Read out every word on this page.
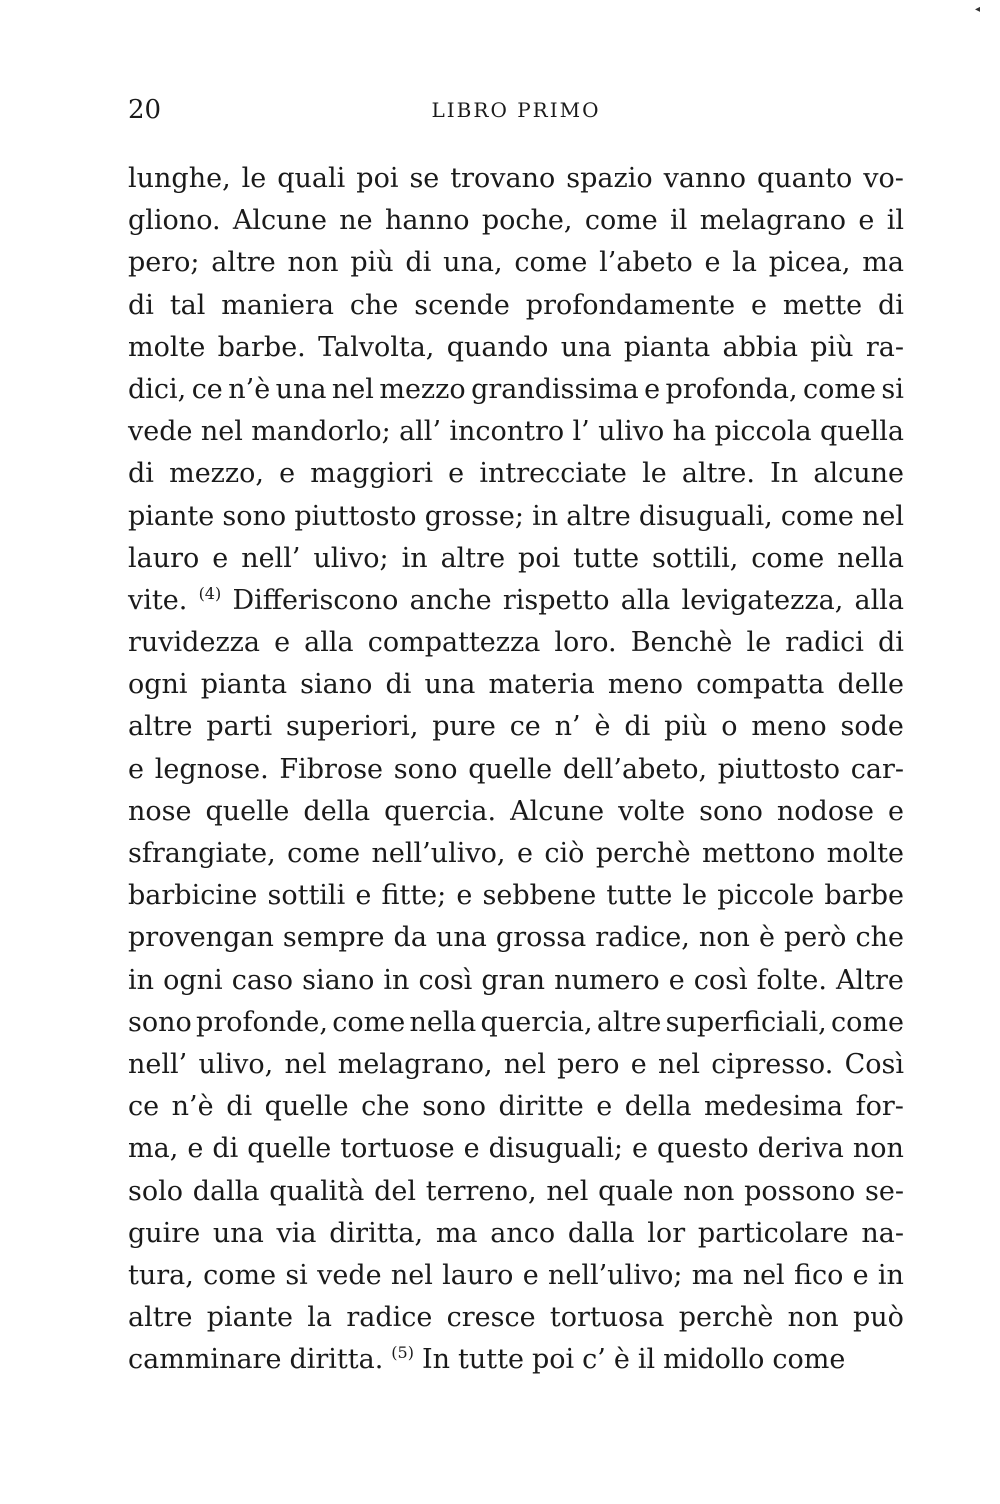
◂
20	LIBRO PRIMO
lunghe, le quali poi se trovano spazio vanno quanto vo-
gliono. Alcune ne hanno poche, come il melagrano e il
pero; altre non più di una, come l’abeto e la picea, ma
di tal maniera che scende profondamente e mette di
molte barbe. Talvolta, quando una pianta abbia più ra-
dici, ce n’è una nel mezzo grandissima e profonda, come si
vede nel mandorlo; all’ incontro l’ ulivo ha piccola quella
di mezzo, e maggiori e intrecciate le altre. In alcune
piante sono piuttosto grosse; in altre disuguali, come nel
lauro e nell’ ulivo; in altre poi tutte sottili, come nella
vite. $^{(4)}$ Differiscono anche rispetto alla levigatezza, alla
ruvidezza e alla compattezza loro. Benchè le radici di
ogni pianta siano di una materia meno compatta delle
altre parti superiori, pure ce n’ è di più o meno sode
e legnose. Fibrose sono quelle dell’abeto, piuttosto car-
nose quelle della quercia. Alcune volte sono nodose e
sfrangiate, come nell’ulivo, e ciò perchè mettono molte
barbicine sottili e fitte; e sebbene tutte le piccole barbe
provengan sempre da una grossa radice, non è però che
in ogni caso siano in così gran numero e così folte. Altre
sono profonde, come nella quercia, altre superficiali, come
nell’ ulivo, nel melagrano, nel pero e nel cipresso. Così
ce n’è di quelle che sono diritte e della medesima for-
ma, e di quelle tortuose e disuguali; e questo deriva non
solo dalla qualità del terreno, nel quale non possono se-
guire una via diritta, ma anco dalla lor particolare na-
tura, come si vede nel lauro e nell’ulivo; ma nel fico e in
altre piante la radice cresce tortuosa perchè non può
camminare diritta. $^{(5)}$ In tutte poi c’ è il midollo come
